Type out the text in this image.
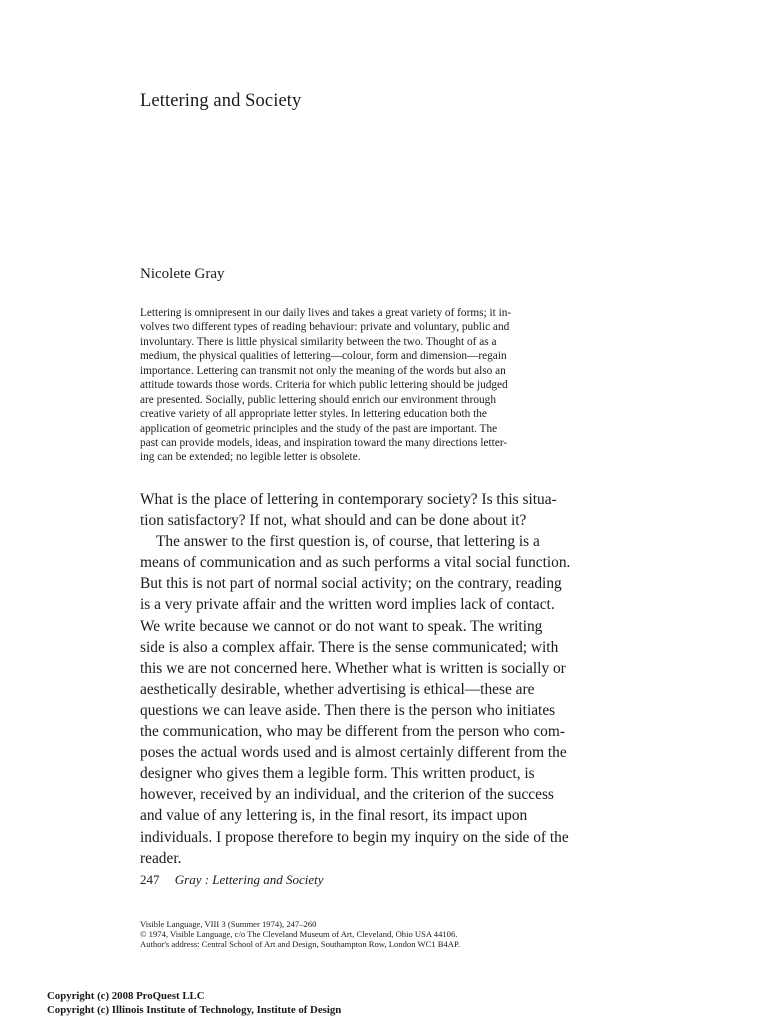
Lettering and Society
Nicolete Gray
Lettering is omnipresent in our daily lives and takes a great variety of forms; it in-
volves two different types of reading behaviour: private and voluntary, public and
involuntary. There is little physical similarity between the two. Thought of as a
medium, the physical qualities of lettering—colour, form and dimension—regain
importance. Lettering can transmit not only the meaning of the words but also an
attitude towards those words. Criteria for which public lettering should be judged
are presented. Socially, public lettering should enrich our environment through
creative variety of all appropriate letter styles. In lettering education both the
application of geometric principles and the study of the past are important. The
past can provide models, ideas, and inspiration toward the many directions letter-
ing can be extended; no legible letter is obsolete.
What is the place of lettering in contemporary society? Is this situa-
tion satisfactory? If not, what should and can be done about it?
The answer to the first question is, of course, that lettering is a
means of communication and as such performs a vital social function.
But this is not part of normal social activity; on the contrary, reading
is a very private affair and the written word implies lack of contact.
We write because we cannot or do not want to speak. The writing
side is also a complex affair. There is the sense communicated; with
this we are not concerned here. Whether what is written is socially or
aesthetically desirable, whether advertising is ethical—these are
questions we can leave aside. Then there is the person who initiates
the communication, who may be different from the person who com-
poses the actual words used and is almost certainly different from the
designer who gives them a legible form. This written product, is
however, received by an individual, and the criterion of the success
and value of any lettering is, in the final resort, its impact upon
individuals. I propose therefore to begin my inquiry on the side of the
reader.
247 Gray : Lettering and Society
Visible Language, VIII 3 (Summer 1974), 247–260
© 1974, Visible Language, c/o The Cleveland Museum of Art, Cleveland, Ohio USA 44106.
Author's address: Central School of Art and Design, Southampton Row, London WC1 B4AP.
Copyright (c) 2008 ProQuest LLC
Copyright (c) Illinois Institute of Technology, Institute of Design
